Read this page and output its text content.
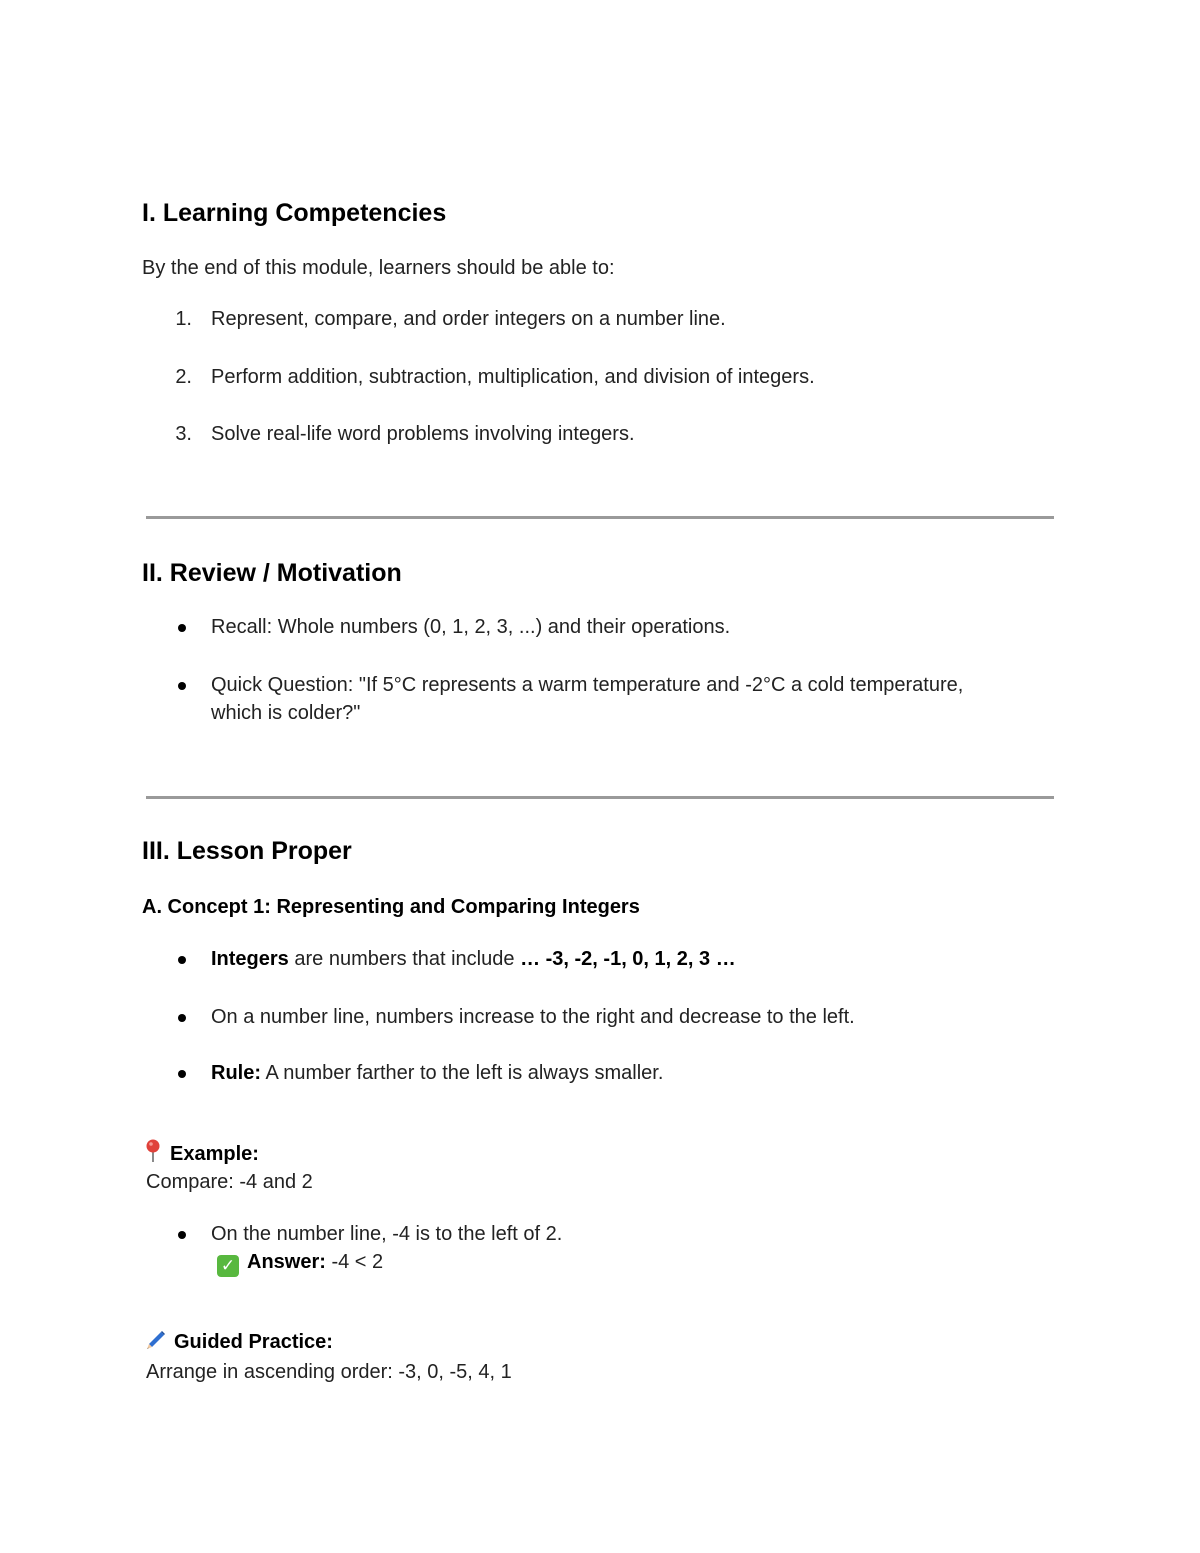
I. Learning Competencies
By the end of this module, learners should be able to:
1. Represent, compare, and order integers on a number line.
2. Perform addition, subtraction, multiplication, and division of integers.
3. Solve real-life word problems involving integers.
II. Review / Motivation
Recall: Whole numbers (0, 1, 2, 3, ...) and their operations.
Quick Question: "If 5°C represents a warm temperature and -2°C a cold temperature,
which is colder?"
III. Lesson Proper
A. Concept 1: Representing and Comparing Integers
Integers are numbers that include … -3, -2, -1, 0, 1, 2, 3 …
On a number line, numbers increase to the right and decrease to the left.
Rule: A number farther to the left is always smaller.
Example:
Compare: -4 and 2
On the number line, -4 is to the left of 2.
✓ Answer: -4 < 2
Guided Practice:
Arrange in ascending order: -3, 0, -5, 4, 1
